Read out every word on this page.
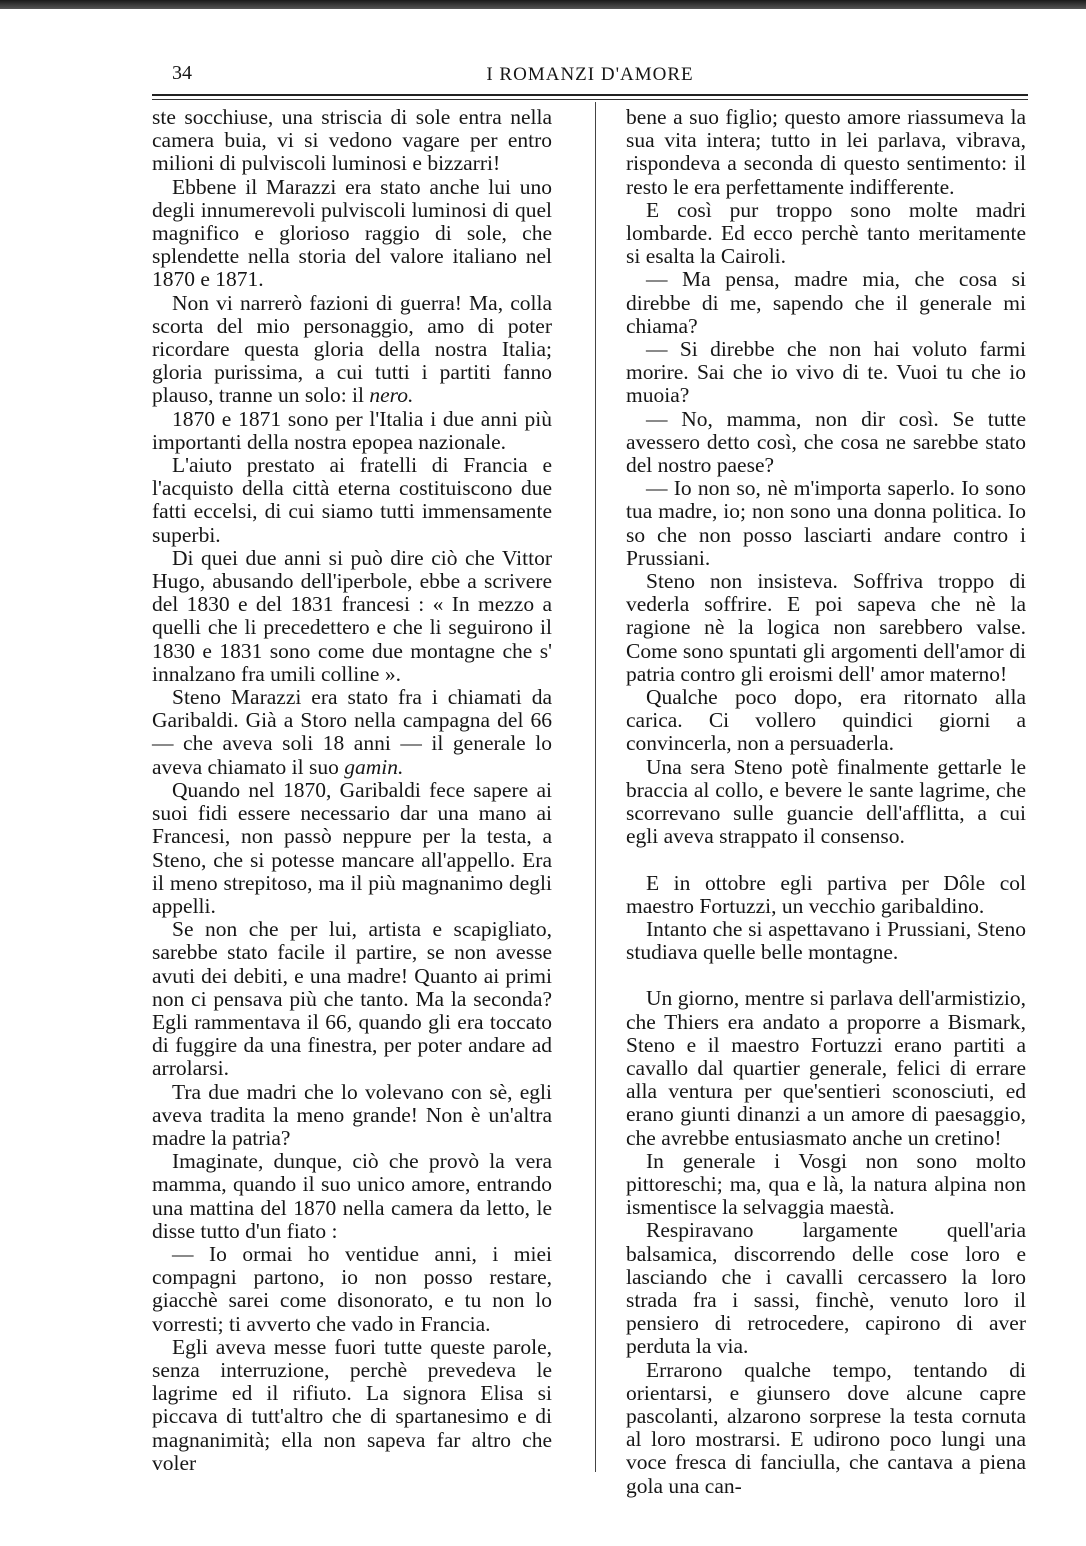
34	I ROMANZI D'AMORE

ste socchiuse, una striscia di sole entra nella camera buia, vi si vedono vagare per entro milioni di pulviscoli luminosi e bizzarri!

Ebbene il Marazzi era stato anche lui uno degli innumerevoli pulviscoli luminosi di quel magnifico e glorioso raggio di sole, che splendette nella storia del valore italiano nel 1870 e 1871.

Non vi narrerò fazioni di guerra! Ma, colla scorta del mio personaggio, amo di poter ricordare questa gloria della nostra Italia; gloria purissima, a cui tutti i partiti fanno plauso, tranne un solo: il nero.

1870 e 1871 sono per l'Italia i due anni più importanti della nostra epopea nazionale.

L'aiuto prestato ai fratelli di Francia e l'acquisto della città eterna costituiscono due fatti eccelsi, di cui siamo tutti immensamente superbi.

Di quei due anni si può dire ciò che Vittor Hugo, abusando dell'iperbole, ebbe a scrivere del 1830 e del 1831 francesi : « In mezzo a quelli che li precedettero e che li seguirono il 1830 e 1831 sono come due montagne che s' innalzano fra umili colline ».

Steno Marazzi era stato fra i chiamati da Garibaldi. Già a Storo nella campagna del 66 — che aveva soli 18 anni — il generale lo aveva chiamato il suo gamin.

Quando nel 1870, Garibaldi fece sapere ai suoi fidi essere necessario dar una mano ai Francesi, non passò neppure per la testa, a Steno, che si potesse mancare all'appello. Era il meno strepitoso, ma il più magnanimo degli appelli.

Se non che per lui, artista e scapigliato, sarebbe stato facile il partire, se non avesse avuti dei debiti, e una madre! Quanto ai primi non ci pensava più che tanto. Ma la seconda? Egli rammentava il 66, quando gli era toccato di fuggire da una finestra, per poter andare ad arrolarsi.

Tra due madri che lo volevano con sè, egli aveva tradita la meno grande! Non è un'altra madre la patria?

Imaginate, dunque, ciò che provò la vera mamma, quando il suo unico amore, entrando una mattina del 1870 nella camera da letto, le disse tutto d'un fiato :

— Io ormai ho ventidue anni, i miei compagni partono, io non posso restare, giacchè sarei come disonorato, e tu non lo vorresti; ti avverto che vado in Francia.

Egli aveva messe fuori tutte queste parole, senza interruzione, perchè prevedeva le lagrime ed il rifiuto. La signora Elisa si piccava di tutt'altro che di spartanesimo e di magnanimità; ella non sapeva far altro che voler

bene a suo figlio; questo amore riassumeva la sua vita intera; tutto in lei parlava, vibrava, rispondeva a seconda di questo sentimento: il resto le era perfettamente indifferente.

E così pur troppo sono molte madri lombarde. Ed ecco perchè tanto meritamente si esalta la Cairoli.

— Ma pensa, madre mia, che cosa si direbbe di me, sapendo che il generale mi chiama?

— Si direbbe che non hai voluto farmi morire. Sai che io vivo di te. Vuoi tu che io muoia?

— No, mamma, non dir così. Se tutte avessero detto così, che cosa ne sarebbe stato del nostro paese?

— Io non so, nè m'importa saperlo. Io sono tua madre, io; non sono una donna politica. Io so che non posso lasciarti andare contro i Prussiani.

Steno non insisteva. Soffriva troppo di vederla soffrire. E poi sapeva che nè la ragione nè la logica non sarebbero valse. Come sono spuntati gli argomenti dell'amor di patria contro gli eroismi dell' amor materno!

Qualche poco dopo, era ritornato alla carica. Ci vollero quindici giorni a convincerla, non a persuaderla.

Una sera Steno potè finalmente gettarle le braccia al collo, e bevere le sante lagrime, che scorrevano sulle guancie dell'afflitta, a cui egli aveva strappato il consenso.

E in ottobre egli partiva per Dôle col maestro Fortuzzi, un vecchio garibaldino.

Intanto che si aspettavano i Prussiani, Steno studiava quelle belle montagne.

Un giorno, mentre si parlava dell'armistizio, che Thiers era andato a proporre a Bismark, Steno e il maestro Fortuzzi erano partiti a cavallo dal quartier generale, felici di errare alla ventura per que'sentieri sconosciuti, ed erano giunti dinanzi a un amore di paesaggio, che avrebbe entusiasmato anche un cretino!

In generale i Vosgi non sono molto pittoreschi; ma, qua e là, la natura alpina non ismentisce la selvaggia maestà.

Respiravano largamente quell'aria balsamica, discorrendo delle cose loro e lasciando che i cavalli cercassero la loro strada fra i sassi, finchè, venuto loro il pensiero di retrocedere, capirono di aver perduta la via.

Errarono qualche tempo, tentando di orientarsi, e giunsero dove alcune capre pascolanti, alzarono sorprese la testa cornuta al loro mostrarsi. E udirono poco lungi una voce fresca di fanciulla, che cantava a piena gola una can-
